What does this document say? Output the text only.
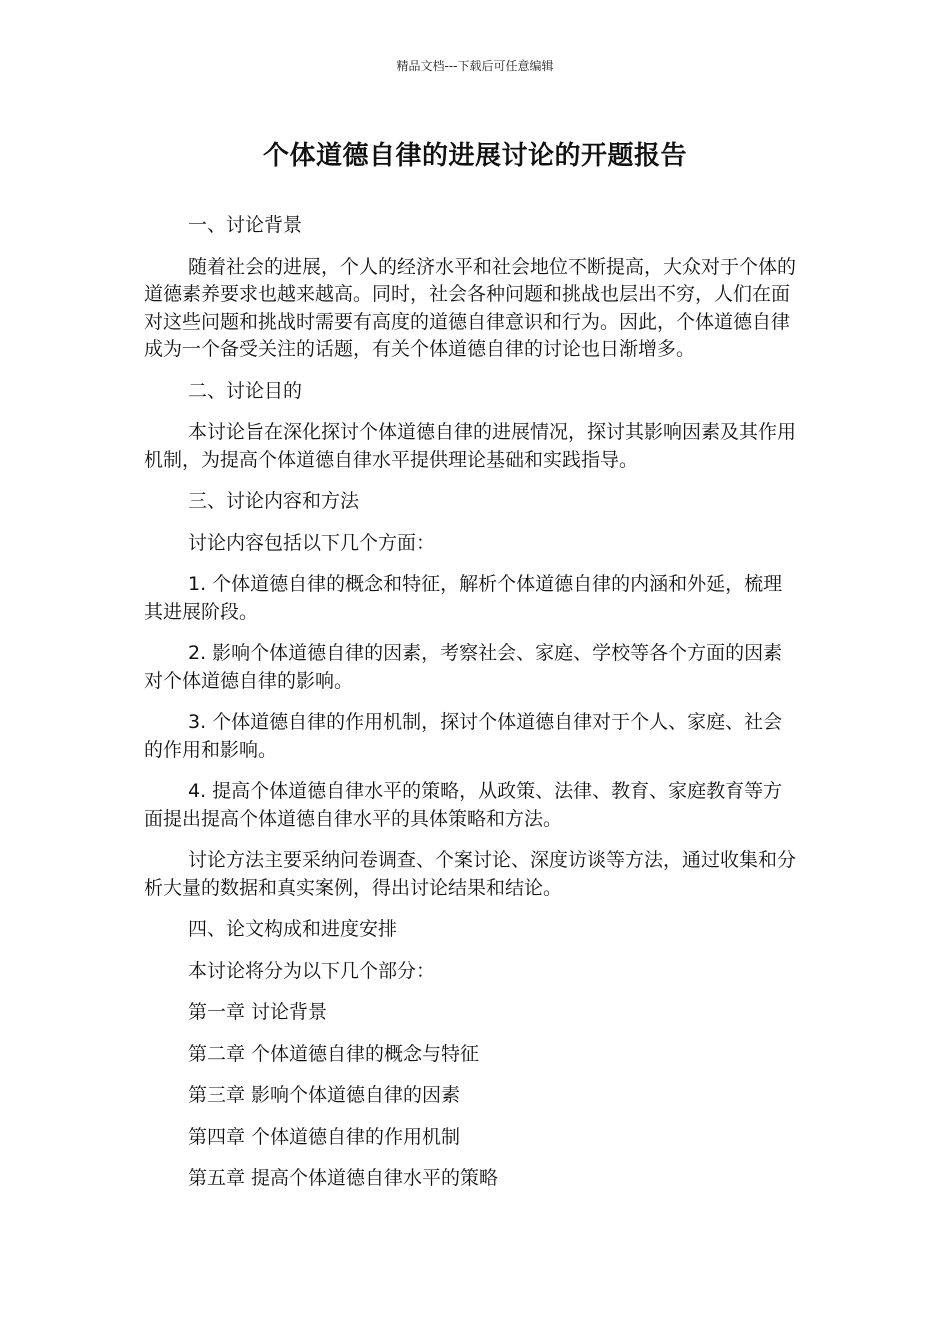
精品文档---下载后可任意编辑
个体道德自律的进展讨论的开题报告

一、讨论背景

随着社会的进展，个人的经济水平和社会地位不断提高，大众对于个体的道德素养要求也越来越高。同时，社会各种问题和挑战也层出不穷，人们在面对这些问题和挑战时需要有高度的道德自律意识和行为。因此，个体道德自律成为一个备受关注的话题，有关个体道德自律的讨论也日渐增多。

二、讨论目的

本讨论旨在深化探讨个体道德自律的进展情况，探讨其影响因素及其作用机制，为提高个体道德自律水平提供理论基础和实践指导。

三、讨论内容和方法

讨论内容包括以下几个方面：

1. 个体道德自律的概念和特征，解析个体道德自律的内涵和外延，梳理其进展阶段。

2. 影响个体道德自律的因素，考察社会、家庭、学校等各个方面的因素对个体道德自律的影响。

3. 个体道德自律的作用机制，探讨个体道德自律对于个人、家庭、社会的作用和影响。

4. 提高个体道德自律水平的策略，从政策、法律、教育、家庭教育等方面提出提高个体道德自律水平的具体策略和方法。

讨论方法主要采纳问卷调查、个案讨论、深度访谈等方法，通过收集和分析大量的数据和真实案例，得出讨论结果和结论。

四、论文构成和进度安排

本讨论将分为以下几个部分：

第一章 讨论背景

第二章 个体道德自律的概念与特征

第三章 影响个体道德自律的因素

第四章 个体道德自律的作用机制

第五章 提高个体道德自律水平的策略
